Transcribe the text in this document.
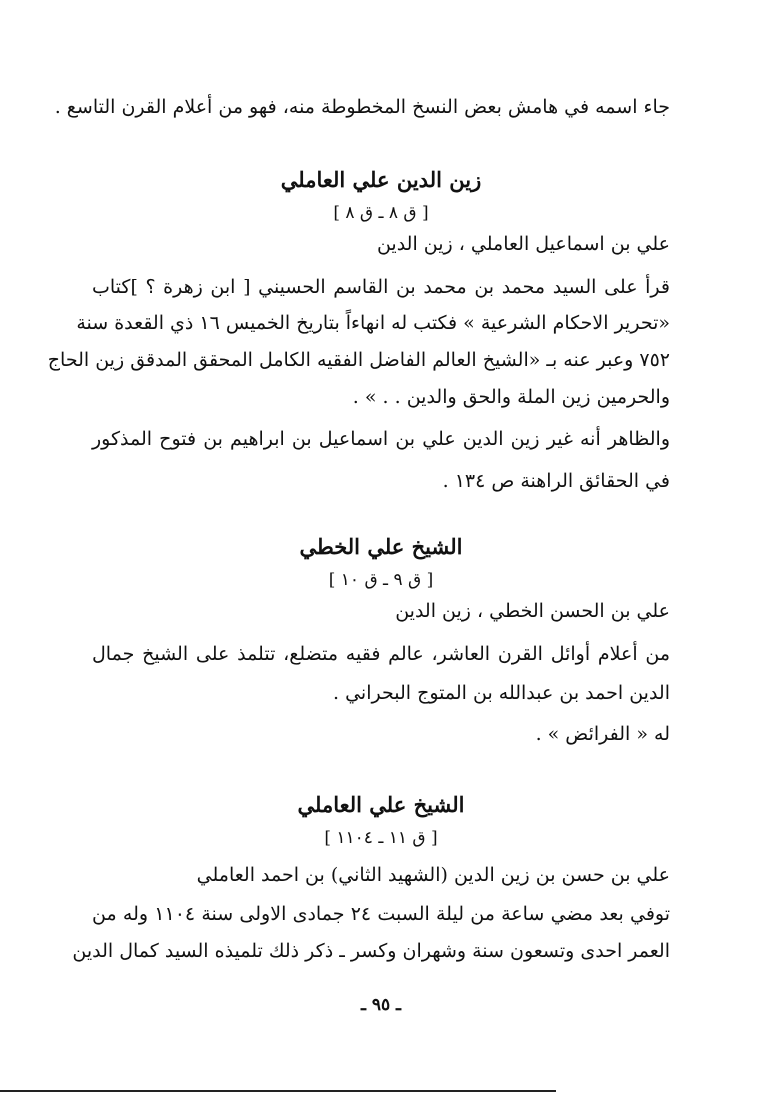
جاء اسمه في هامش بعض النسخ المخطوطة منه، فهو من أعلام القرن التاسع .
زين الدين علي العاملي
[ ق ٨ ـ ق ٨ ]
علي بن اسماعيل العاملي ، زين الدين
قرأ على السيد محمد بن محمد بن القاسم الحسيني [ ابن زهرة ؟ ]كتاب
«تحرير الاحكام الشرعية » فكتب له انهاءاً بتاريخ الخميس ١٦ ذي القعدة سنة
٧٥٢ وعبر عنه بـ «الشيخ العالم الفاضل الفقيه الكامل المحقق المدقق زين الحاج
والحرمين زين الملة والحق والدين . . » .
والظاهر أنه غير زين الدين علي بن اسماعيل بن ابراهيم بن فتوح المذكور
في الحقائق الراهنة ص ١٣٤ .
الشيخ علي الخطي
[ ق ٩ ـ ق ١٠ ]
علي بن الحسن الخطي ، زين الدين
من أعلام أوائل القرن العاشر، عالم فقيه متضلع، تتلمذ على الشيخ جمال
الدين احمد بن عبدالله بن المتوج البحراني .
له « الفرائض » .
الشيخ علي العاملي
[ ق ١١ ـ ١١٠٤ ]
علي بن حسن بن زين الدين (الشهيد الثاني) بن احمد العاملي
توفي بعد مضي ساعة من ليلة السبت ٢٤ جمادى الاولى سنة ١١٠٤ وله من
العمر احدى وتسعون سنة وشهران وكسر ـ ذكر ذلك تلميذه السيد كمال الدين
ـ ٩٥ ـ
